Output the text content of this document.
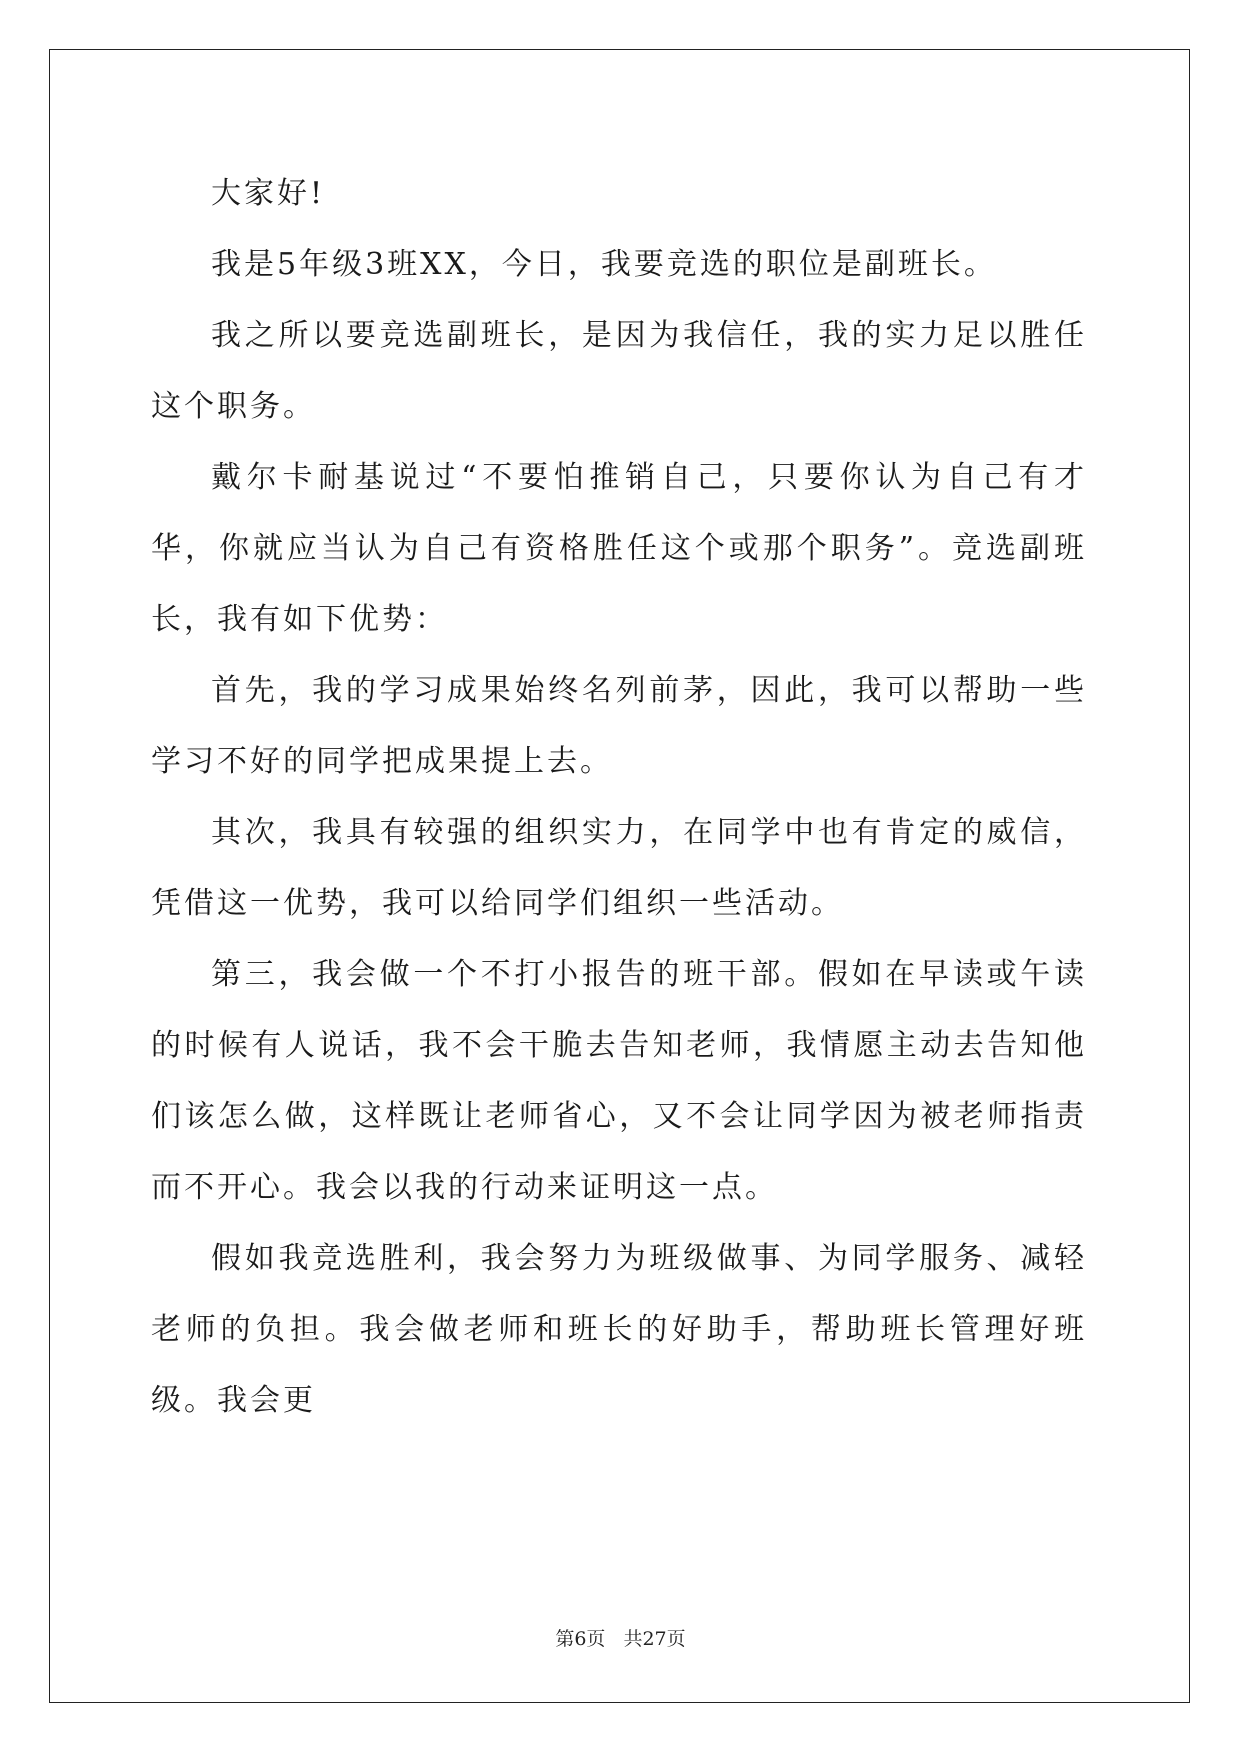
大家好!

我是5年级3班XX，今日，我要竞选的职位是副班长。

我之所以要竞选副班长，是因为我信任，我的实力足以胜任这个职务。

戴尔卡耐基说过“不要怕推销自己，只要你认为自己有才华，你就应当认为自己有资格胜任这个或那个职务”。竞选副班长，我有如下优势：

首先，我的学习成果始终名列前茅，因此，我可以帮助一些学习不好的同学把成果提上去。

其次，我具有较强的组织实力，在同学中也有肯定的威信，凭借这一优势，我可以给同学们组织一些活动。

第三，我会做一个不打小报告的班干部。假如在早读或午读的时候有人说话，我不会干脆去告知老师，我情愿主动去告知他们该怎么做，这样既让老师省心，又不会让同学因为被老师指责而不开心。我会以我的行动来证明这一点。

假如我竞选胜利，我会努力为班级做事、为同学服务、减轻老师的负担。我会做老师和班长的好助手，帮助班长管理好班级。我会更

第6页 共27页
